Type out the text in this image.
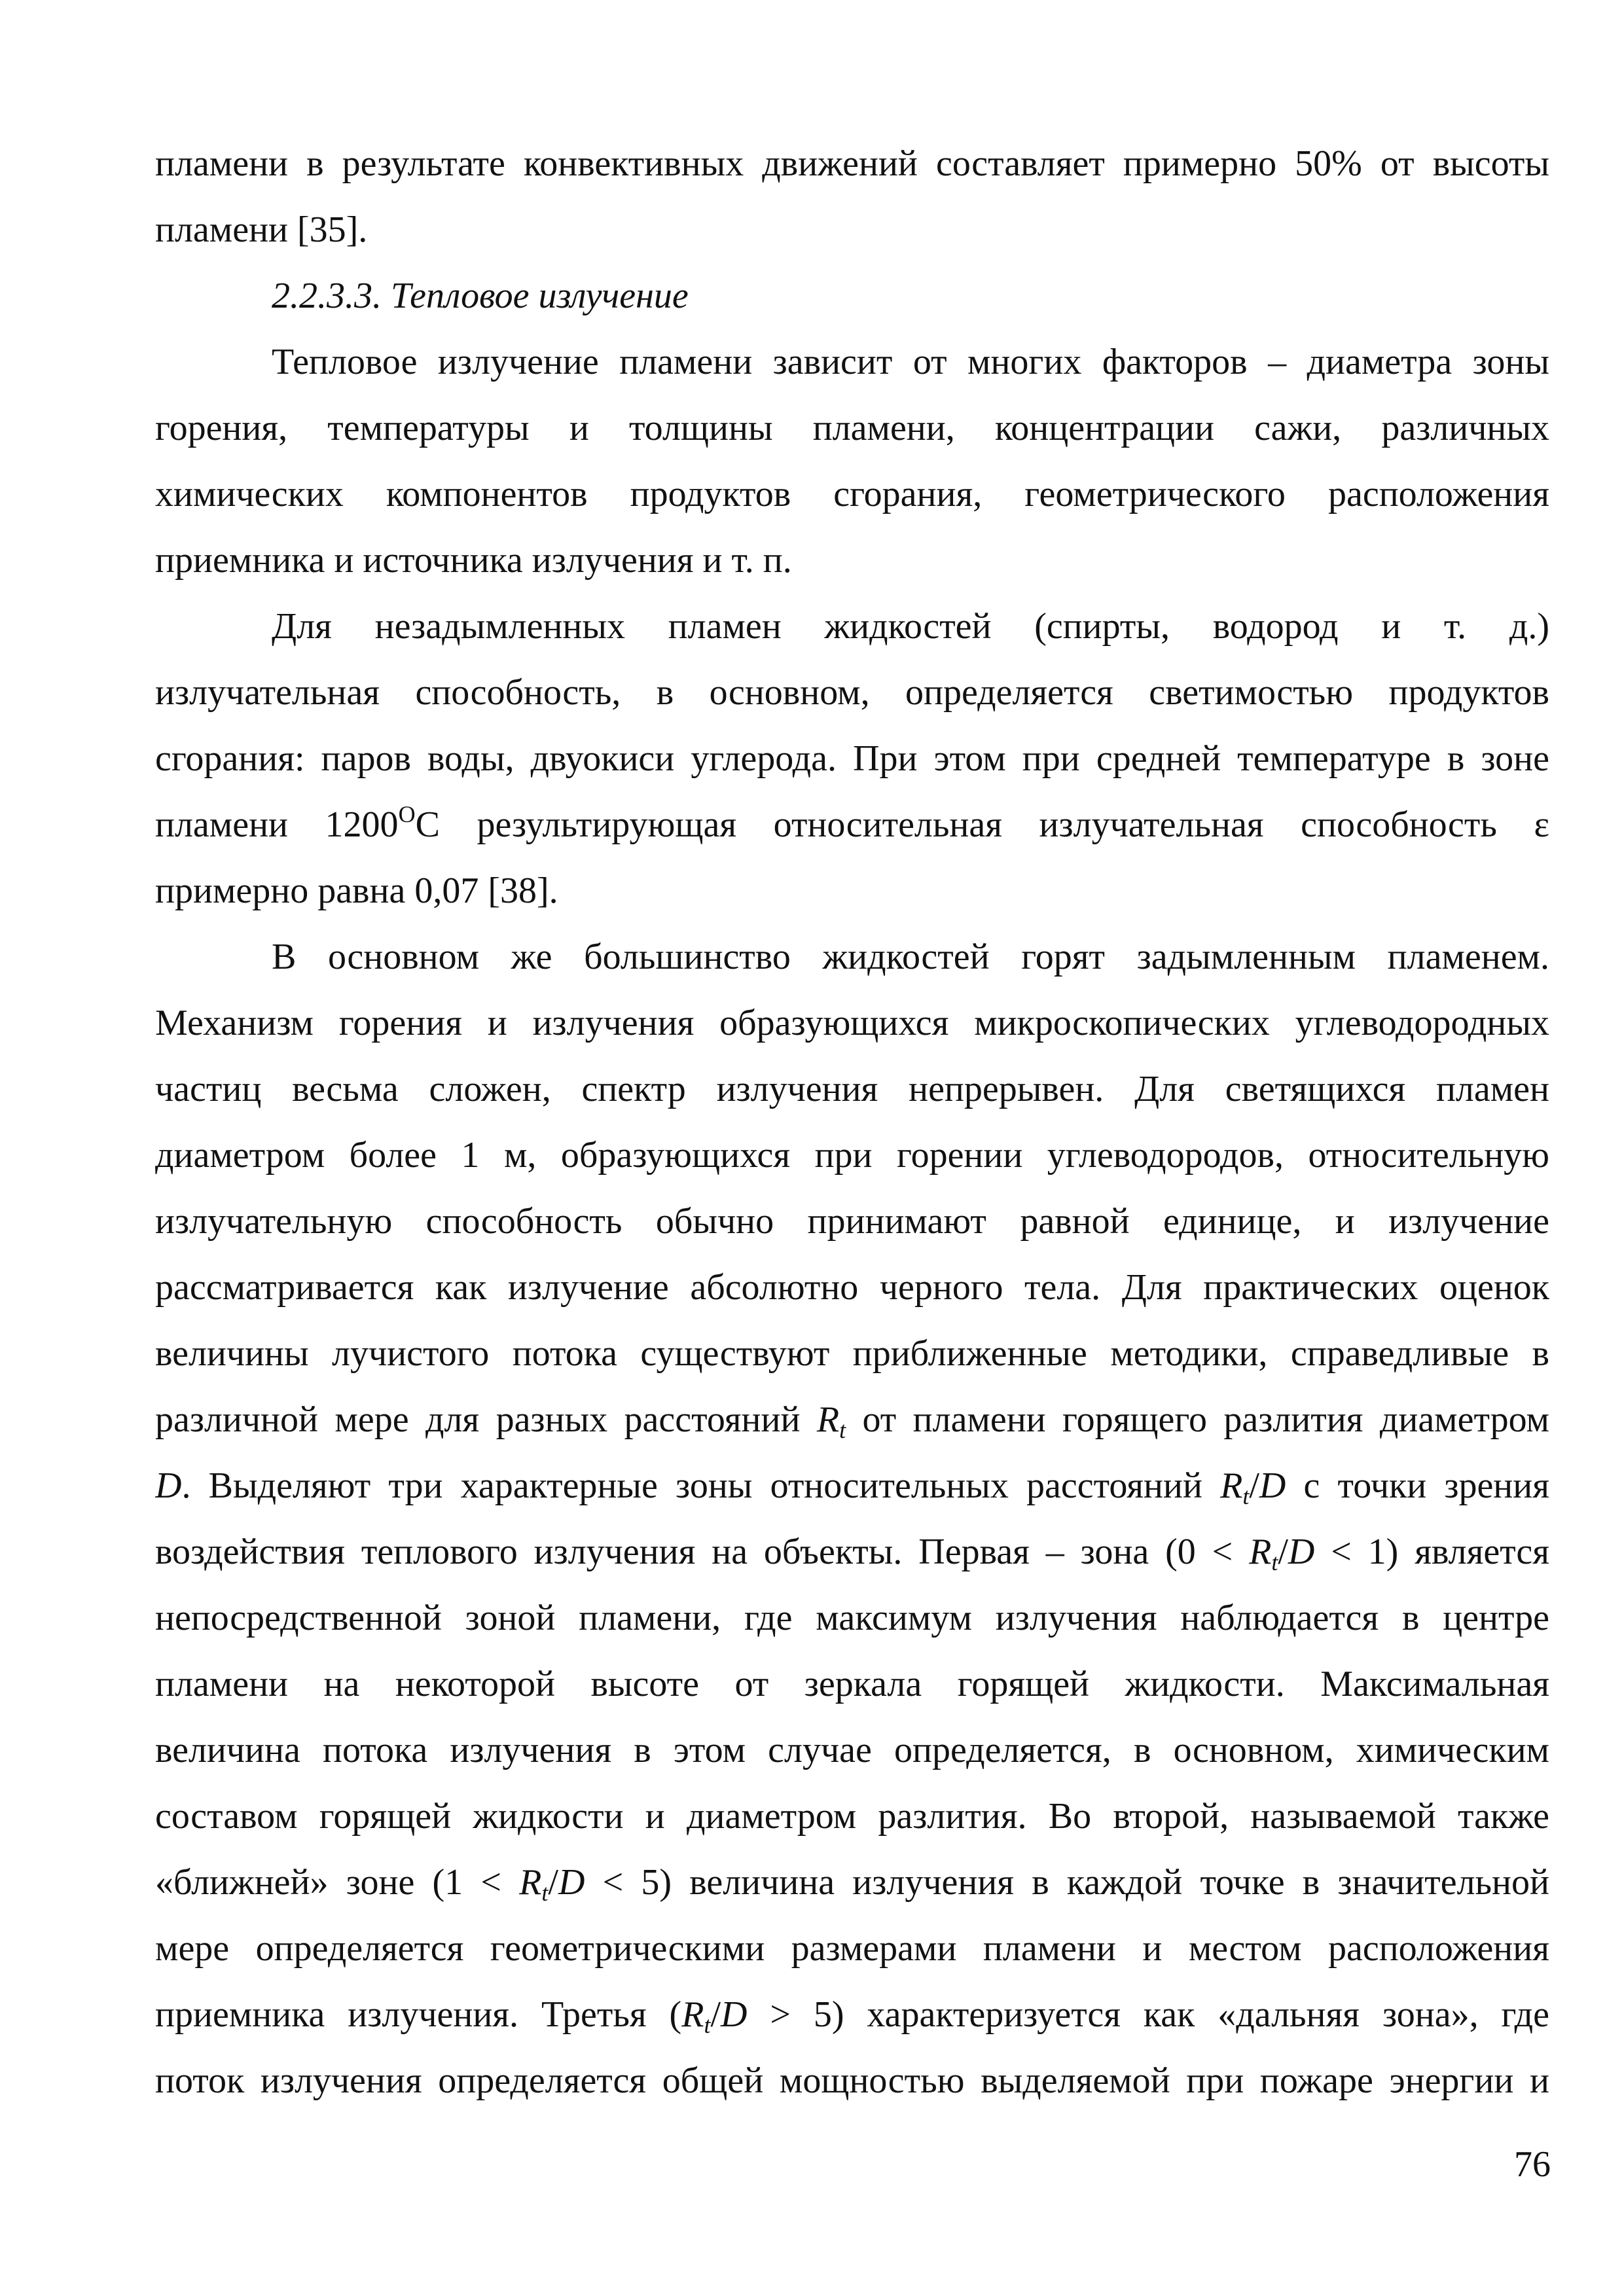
пламени в результате конвективных движений составляет примерно 50% от высоты
пламени [35].
2.2.3.3. Тепловое излучение
Тепловое излучение пламени зависит от многих факторов – диаметра зоны
горения, температуры и толщины пламени, концентрации сажи, различных
химических компонентов продуктов сгорания, геометрического расположения
приемника и источника излучения и т. п.
Для незадымленных пламен жидкостей (спирты, водород и т. д.)
излучательная способность, в основном, определяется светимостью продуктов
сгорания: паров воды, двуокиси углерода. При этом при средней температуре в зоне
пламени $1200^OС$ результирующая относительная излучательная способность ε
примерно равна 0,07 [38].
В основном же большинство жидкостей горят задымленным пламенем.
Механизм горения и излучения образующихся микроскопических углеводородных
частиц весьма сложен, спектр излучения непрерывен. Для светящихся пламен
диаметром более 1 м, образующихся при горении углеводородов, относительную
излучательную способность обычно принимают равной единице, и излучение
рассматривается как излучение абсолютно черного тела. Для практических оценок
величины лучистого потока существуют приближенные методики, справедливые в
различной мере для разных расстояний $R_t$ от пламени горящего разлития диаметром
D. Выделяют три характерные зоны относительных расстояний $R_t/D$ с точки зрения
воздействия теплового излучения на объекты. Первая – зона $(0 < R_t/D < 1)$ является
непосредственной зоной пламени, где максимум излучения наблюдается в центре
пламени на некоторой высоте от зеркала горящей жидкости. Максимальная
величина потока излучения в этом случае определяется, в основном, химическим
составом горящей жидкости и диаметром разлития. Во второй, называемой также
«ближней» зоне $(1 < R_t/D < 5)$ величина излучения в каждой точке в значительной
мере определяется геометрическими размерами пламени и местом расположения
приемника излучения. Третья $(R_t/D > 5)$ характеризуется как «дальняя зона», где
поток излучения определяется общей мощностью выделяемой при пожаре энергии и
76
